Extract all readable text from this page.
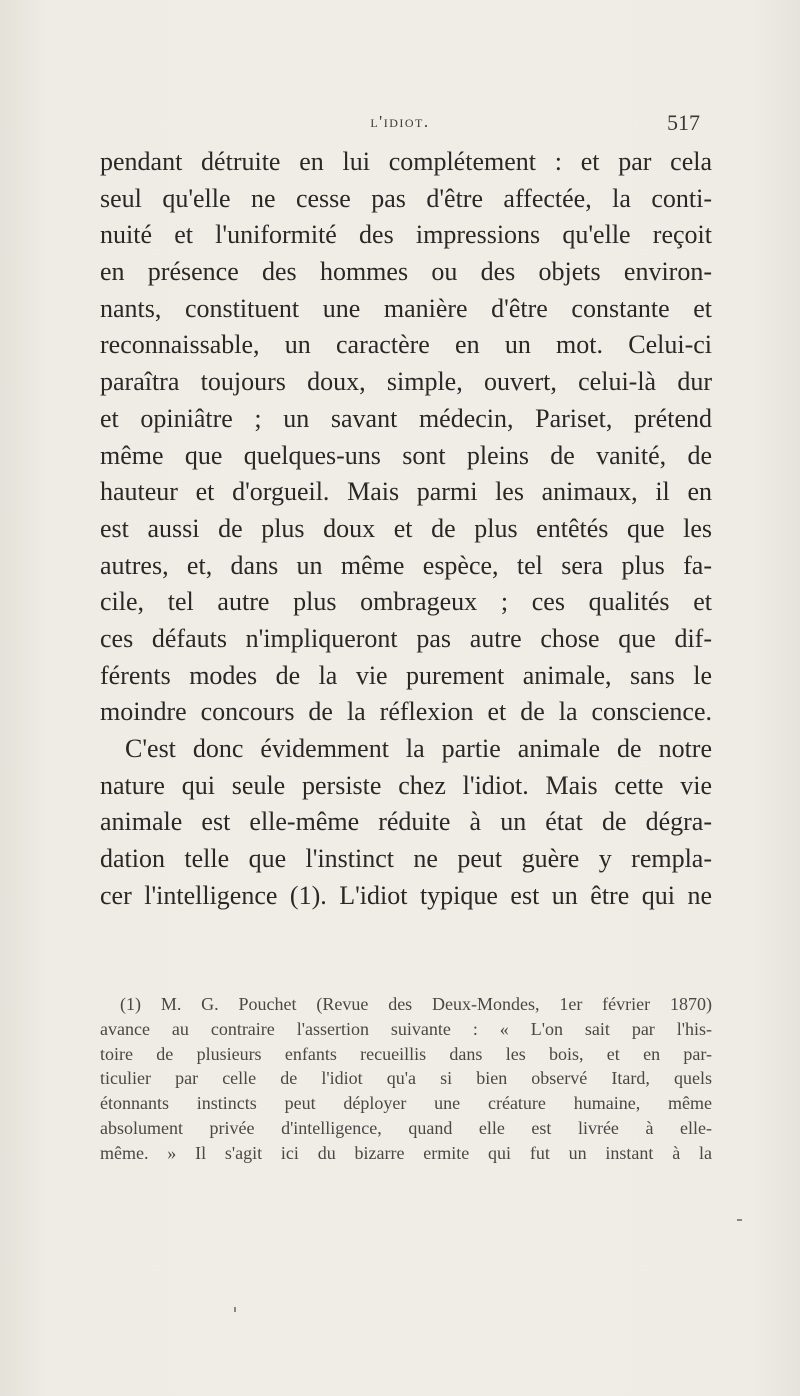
l'idiot.	517
pendant détruite en lui complétement : et par cela
seul qu'elle ne cesse pas d'être affectée, la conti-
nuité et l'uniformité des impressions qu'elle reçoit
en présence des hommes ou des objets environ-
nants, constituent une manière d'être constante et
reconnaissable, un caractère en un mot. Celui-ci
paraîtra toujours doux, simple, ouvert, celui-là dur
et opiniâtre ; un savant médecin, Pariset, prétend
même que quelques-uns sont pleins de vanité, de
hauteur et d'orgueil. Mais parmi les animaux, il en
est aussi de plus doux et de plus entêtés que les
autres, et, dans un même espèce, tel sera plus fa-
cile, tel autre plus ombrageux ; ces qualités et
ces défauts n'impliqueront pas autre chose que dif-
férents modes de la vie purement animale, sans le
moindre concours de la réflexion et de la conscience.
C'est donc évidemment la partie animale de notre
nature qui seule persiste chez l'idiot. Mais cette vie
animale est elle-même réduite à un état de dégra-
dation telle que l'instinct ne peut guère y rempla-
cer l'intelligence (1). L'idiot typique est un être qui ne
(1) M. G. Pouchet (Revue des Deux-Mondes, 1er février 1870)
avance au contraire l'assertion suivante : « L'on sait par l'his-
toire de plusieurs enfants recueillis dans les bois, et en par-
ticulier par celle de l'idiot qu'a si bien observé Itard, quels
étonnants instincts peut déployer une créature humaine, même
absolument privée d'intelligence, quand elle est livrée à elle-
même. » Il s'agit ici du bizarre ermite qui fut un instant à la
